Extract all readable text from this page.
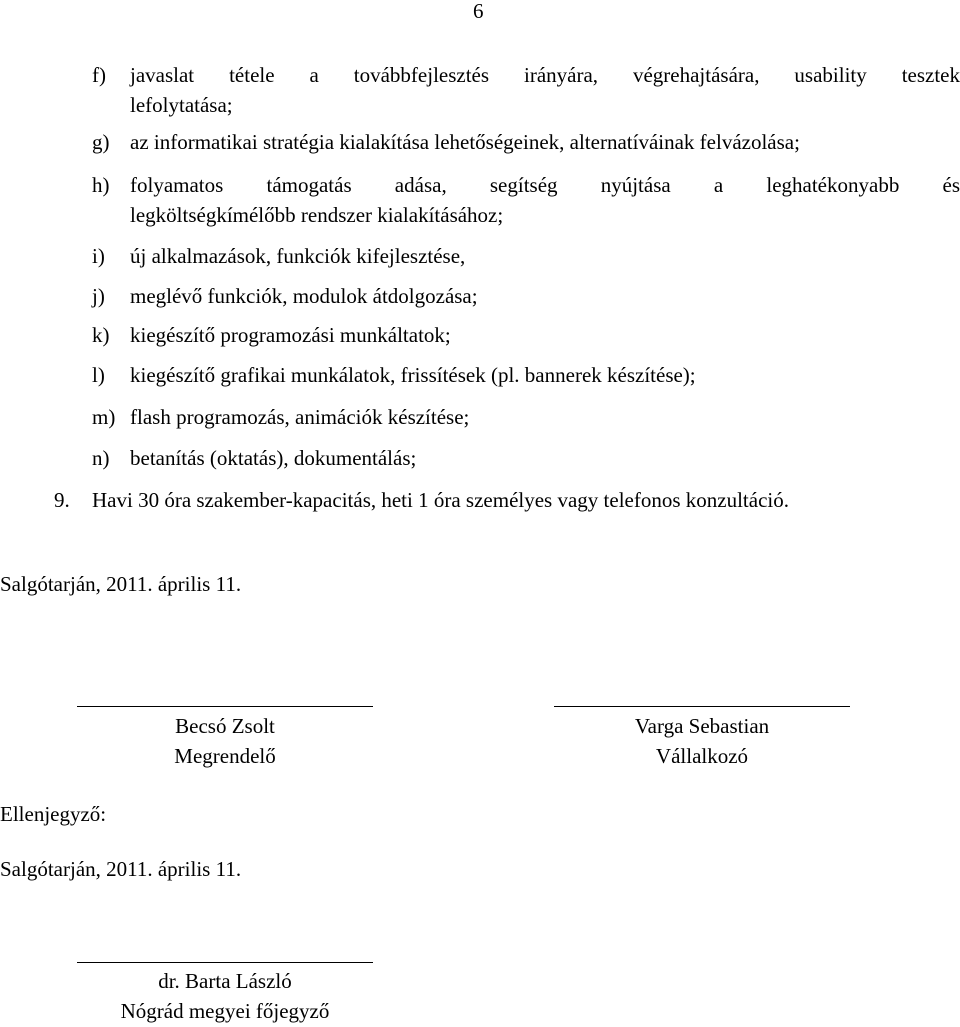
6
f) javaslat tétele a továbbfejlesztés irányára, végrehajtására, usability tesztek
lefolytatása;
g) az informatikai stratégia kialakítása lehetőségeinek, alternatíváinak felvázolása;
h) folyamatos támogatás adása, segítség nyújtása a leghatékonyabb és
legköltségkímélőbb rendszer kialakításához;
i) új alkalmazások, funkciók kifejlesztése,
j) meglévő funkciók, modulok átdolgozása;
k) kiegészítő programozási munkáltatok;
l) kiegészítő grafikai munkálatok, frissítések (pl. bannerek készítése);
m) flash programozás, animációk készítése;
n) betanítás (oktatás), dokumentálás;
9. Havi 30 óra szakember-kapacitás, heti 1 óra személyes vagy telefonos konzultáció.
Salgótarján, 2011. április 11.
Becsó Zsolt
Megrendelő
Varga Sebastian
Vállalkozó
Ellenjegyző:
Salgótarján, 2011. április 11.
dr. Barta László
Nógrád megyei főjegyző
